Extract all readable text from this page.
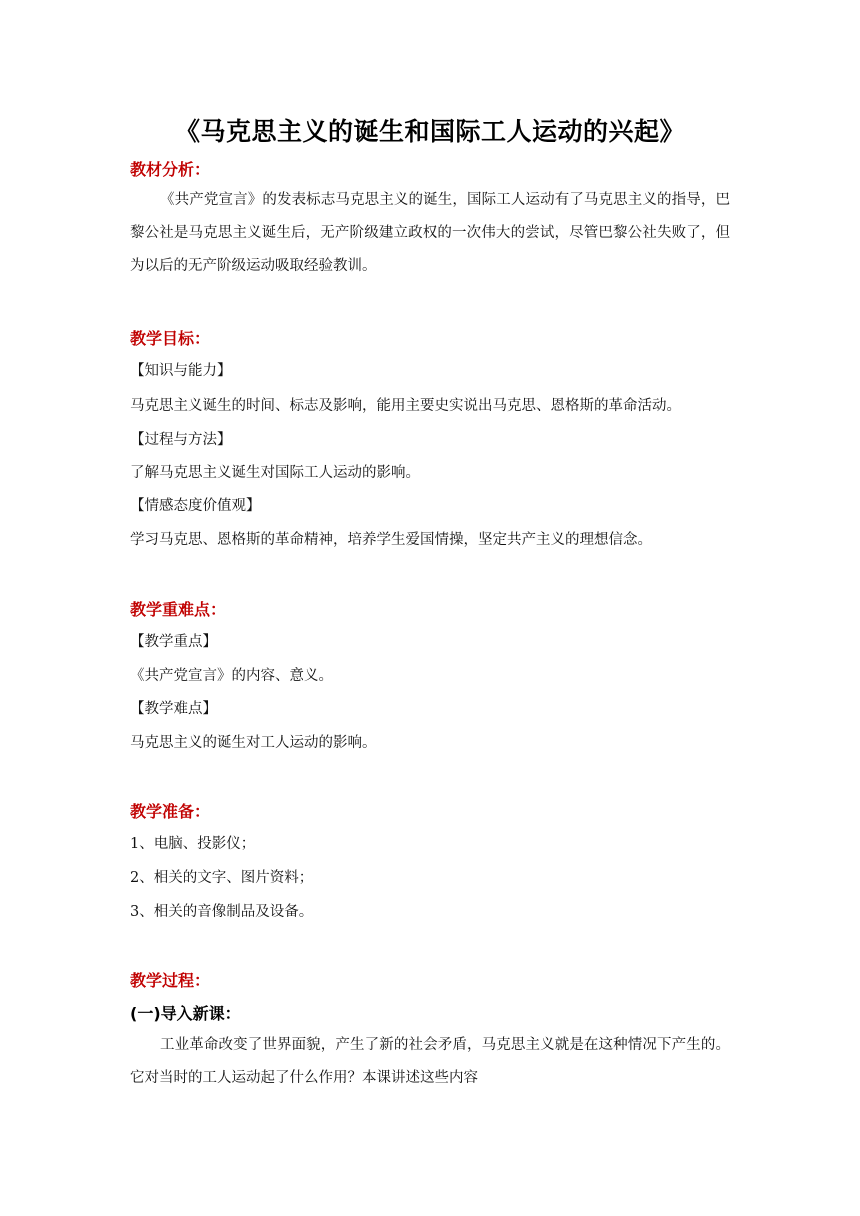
《马克思主义的诞生和国际工人运动的兴起》
教材分析：
《共产党宣言》的发表标志马克思主义的诞生，国际工人运动有了马克思主义的指导，巴黎公社是马克思主义诞生后，无产阶级建立政权的一次伟大的尝试，尽管巴黎公社失败了，但为以后的无产阶级运动吸取经验教训。
教学目标：
【知识与能力】
马克思主义诞生的时间、标志及影响，能用主要史实说出马克思、恩格斯的革命活动。
【过程与方法】
了解马克思主义诞生对国际工人运动的影响。
【情感态度价值观】
学习马克思、恩格斯的革命精神，培养学生爱国情操，坚定共产主义的理想信念。
教学重难点：
【教学重点】
《共产党宣言》的内容、意义。
【教学难点】
马克思主义的诞生对工人运动的影响。
教学准备：
1、电脑、投影仪；
2、相关的文字、图片资料；
3、相关的音像制品及设备。
教学过程：
(一)导入新课：
工业革命改变了世界面貌，产生了新的社会矛盾，马克思主义就是在这种情况下产生的。它对当时的工人运动起了什么作用？本课讲述这些内容
